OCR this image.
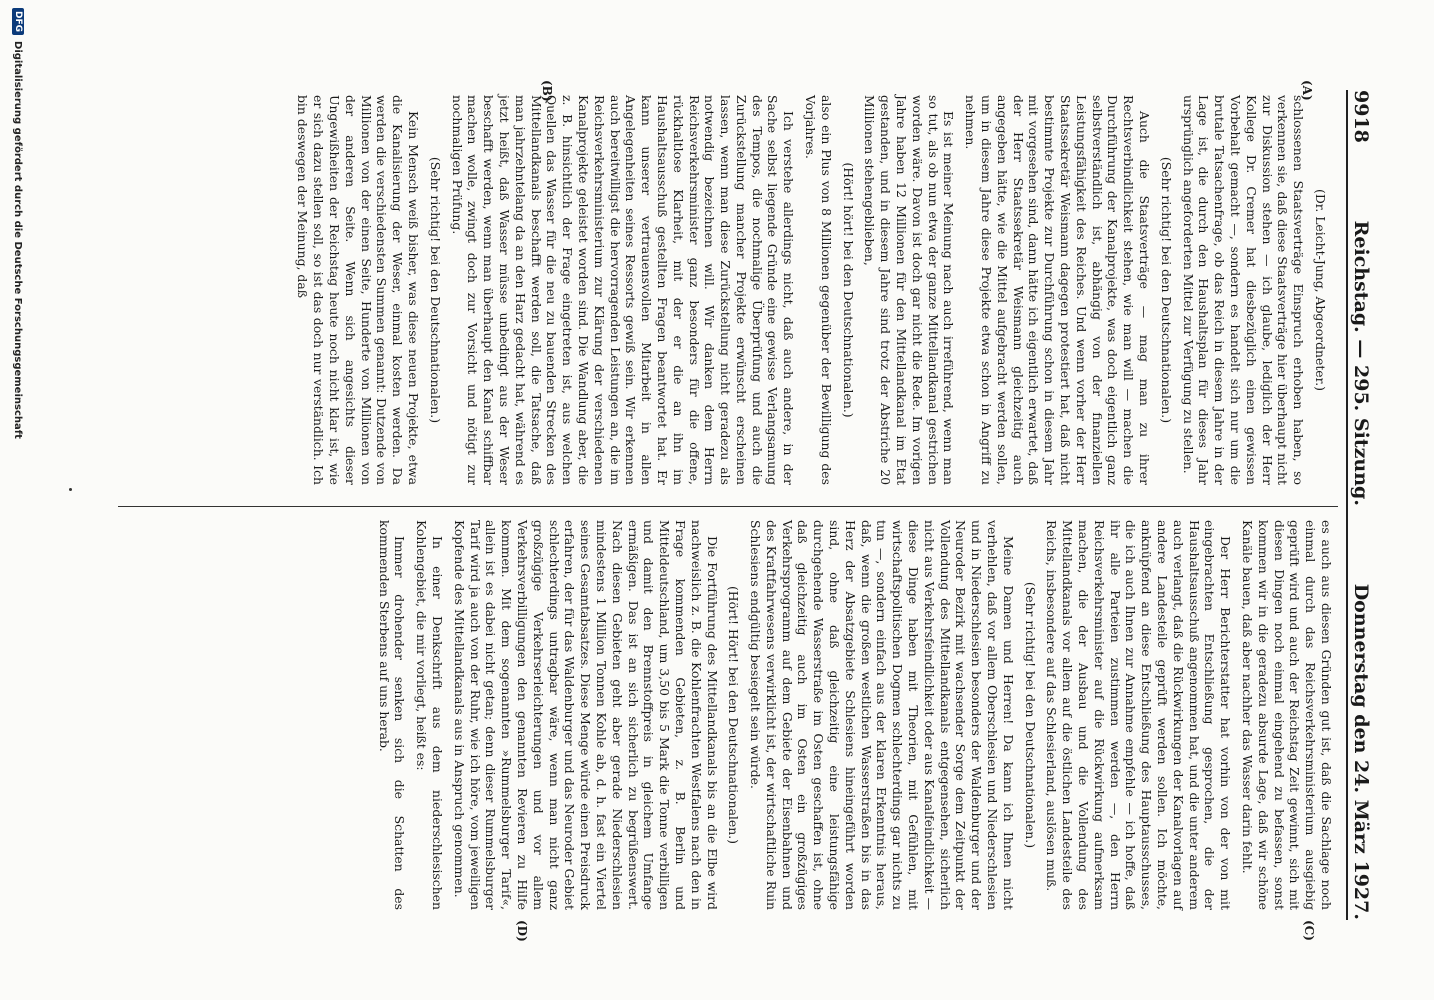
9918
Reichstag. — 295. Sitzung.
Donnerstag den 24. März 1927.
(A)
(B)
(C)
(D)

(Dr. Leicht-Jung, Abgeordneter.)

schlossenen Staatsverträge Einspruch erhoben haben, so verkennen sie, daß diese Staatsverträge hier überhaupt nicht zur Diskussion stehen — ich glaube, lediglich der Herr Kollege Dr. Cremer hat diesbezüglich einen gewissen Vorbehalt gemacht —, sondern es handelt sich nur um die brutale Tatsachenfrage, ob das Reich in diesem Jahre in der Lage ist, die durch den Haushaltsplan für dieses Jahr ursprünglich angeforderten Mittel zur Verfügung zu stellen.

(Sehr richtig! bei den Deutschnationalen.)

Auch die Staatsverträge — mag man zu ihrer Rechtsverbindlichkeit stehen, wie man will — machen die Durchführung der Kanalprojekte, was doch eigentlich ganz selbstverständlich ist, abhängig von der finanziellen Leistungsfähigkeit des Reiches. Und wenn vorher der Herr Staatssekretär Weismann dagegen protestiert hat, daß nicht bestimmte Projekte zur Durchführung schon in diesem Jahr mit vorgesehen sind, dann hätte ich eigentlich erwartet, daß der Herr Staatssekretär Weismann gleichzeitig auch angegeben hätte, wie die Mittel aufgebracht werden sollen, um in diesem Jahre diese Projekte etwa schon in Angriff zu nehmen.

Es ist meiner Meinung nach auch irreführend, wenn man so tut, als ob nun etwa der ganze Mittellandkanal gestrichen worden wäre. Davon ist doch gar nicht die Rede. Im vorigen Jahre haben 12 Millionen für den Mittellandkanal im Etat gestanden, und in diesem Jahre sind trotz der Abstriche 20 Millionen stehengeblieben,

(Hört! hört! bei den Deutschnationalen.)

also ein Plus von 8 Millionen gegenüber der Bewilligung des Vorjahres.

Ich verstehe allerdings nicht, daß auch andere, in der Sache selbst liegende Gründe eine gewisse Verlangsamung des Tempos, die nochmalige Überprüfung und auch die Zurückstellung mancher Projekte erwünscht erscheinen lassen, wenn man diese Zurückstellung nicht geradezu als notwendig bezeichnen will. Wir danken dem Herrn Reichsverkehrsminister ganz besonders für die offene, rückhaltlose Klarheit, mit der er die an ihn im Haushaltsausschuß gestellten Fragen beantwortet hat. Er kann unserer vertrauensvollen Mitarbeit in allen Angelegenheiten seines Ressorts gewiß sein. Wir erkennen auch bereitwilligst die hervorragenden Leistungen an, die im Reichsverkehrsministerium zur Klärung der verschiedenen Kanalprojekte geleistet worden sind. Die Wandlung aber, die z. B. hinsichtlich der Frage eingetreten ist, aus welchen Quellen das Wasser für die neu zu bauenden Strecken des Mittellandkanals beschafft werden soll, die Tatsache, daß man jahrzehntelang da an den Harz gedacht hat, während es jetzt heißt, daß Wasser müsse unbedingt aus der Weser beschafft werden, wenn man überhaupt den Kanal schiffbar machen wolle, zwingt doch zur Vorsicht und nötigt zur nochmaligen Prüfung.

(Sehr richtig! bei den Deutschnationalen.)

Kein Mensch weiß bisher, was diese neuen Projekte, etwa die Kanalisierung der Weser, einmal kosten werden. Da werden die verschiedensten Summen genannt: Dutzende von Millionen von der einen Seite, Hunderte von Millionen von der anderen Seite. Wenn sich angesichts dieser Ungewißheiten der Reichstag heute noch nicht klar ist, wie er sich dazu stellen soll, so ist das doch nur verständlich. Ich bin deswegen der Meinung, daß

es auch aus diesen Gründen gut ist, daß die Sachlage noch einmal durch das Reichsverkehrsministerium ausgiebig geprüft wird und auch der Reichstag Zeit gewinnt, sich mit diesen Dingen noch einmal eingehend zu befassen, sonst kommen wir in die geradezu absurde Lage, daß wir schöne Kanäle bauen, daß aber nachher das Wasser darin fehlt.

Der Herr Berichterstatter hat vorhin von der von mit eingebrachten Entschließung gesprochen, die der Haushaltsausschuß angenommen hat, und die unter anderem auch verlangt, daß die Rückwirkungen der Kanalvorlagen auf andere Landesteile geprüft werden sollen. Ich möchte, anknüpfend an diese Entschließung des Hauptausschusses, die ich auch Ihnen zur Annahme empfehle — ich hoffe, daß ihr alle Parteien zustimmen werden —, den Herrn Reichsverkehrsminister auf die Rückwirkung aufmerksam machen, die der Ausbau und die Vollendung des Mittellandkanals vor allem auf die östlichen Landesteile des Reichs, insbesondere auf das Schlesierland, auslösen muß.

(Sehr richtig! bei den Deutschnationalen.)

Meine Damen und Herren! Da kann ich Ihnen nicht verhehlen, daß vor allem Oberschlesien und Niederschlesien und in Niederschlesien besonders der Waldenburger und der Neuroder Bezirk mit wachsender Sorge dem Zeitpunkt der Vollendung des Mittellandkanals entgegensehen, sicherlich nicht aus Verkehrsfeindlichkeit oder aus Kanalfeindlichkeit — diese Dinge haben mit Theorien, mit Gefühlen, mit wirtschaftspolitischen Dogmen schlechterdings gar nichts zu tun —, sondern einfach aus der klaren Erkenntnis heraus, daß, wenn die großen westlichen Wasserstraßen bis in das Herz der Absatzgebiete Schlesiens hineingeführt worden sind, ohne daß gleichzeitig eine leistungsfähige durchgehende Wasserstraße im Osten geschaffen ist, ohne daß gleichzeitig auch im Osten ein großzügiges Verkehrsprogramm auf dem Gebiete der Eisenbahnen und des Kraftfahrwesens verwirklicht ist, der wirtschaftliche Ruin Schlesiens endgültig besiegelt sein würde.

(Hört! Hört! bei den Deutschnationalen.)

Die Fortführung des Mittellandkanals bis an die Elbe wird nachweislich z. B. die Kohlenfrachten Westfalens nach den in Frage kommenden Gebieten, z. B. Berlin und Mitteldeutschland, um 3,50 bis 5 Mark die Tonne verbilligen und damit den Brennstoffpreis in gleichem Umfange ermäßigen. Das ist an sich sicherlich zu begrüßenswert. Nach diesen Gebieten geht aber gerade Niederschlesien mindestens 1 Million Tonnen Kohle ab, d. h. fast ein Viertel seines Gesamtabsatzes. Diese Menge würde einen Preisdruck erfahren, der für das Waldenburger und das Neuroder Gebiet schlechterdings untragbar wäre, wenn man nicht ganz großzügige Verkehrserleichterungen und vor allem Verkehrsverbilligungen den genannten Revieren zu Hilfe kommen. Mit dem sogenannten »Rummelsburger Tarif«, allein ist es dabei nicht getan; denn dieser Rummelsburger Tarif wird ja auch von der Ruhr, wie ich höre, vom jeweiligen Kopfende des Mittellandkanals aus in Anspruch genommen.

In einer Denkschrift aus dem niederschlesischen Kohlengebiet, die mir vorliegt, heißt es:

Immer drohender senken sich die Schatten des kommenden Sterbens auf uns herab.

DFG
Digitalisierung gefördert durch die Deutsche Forschungsgemeinschaft
